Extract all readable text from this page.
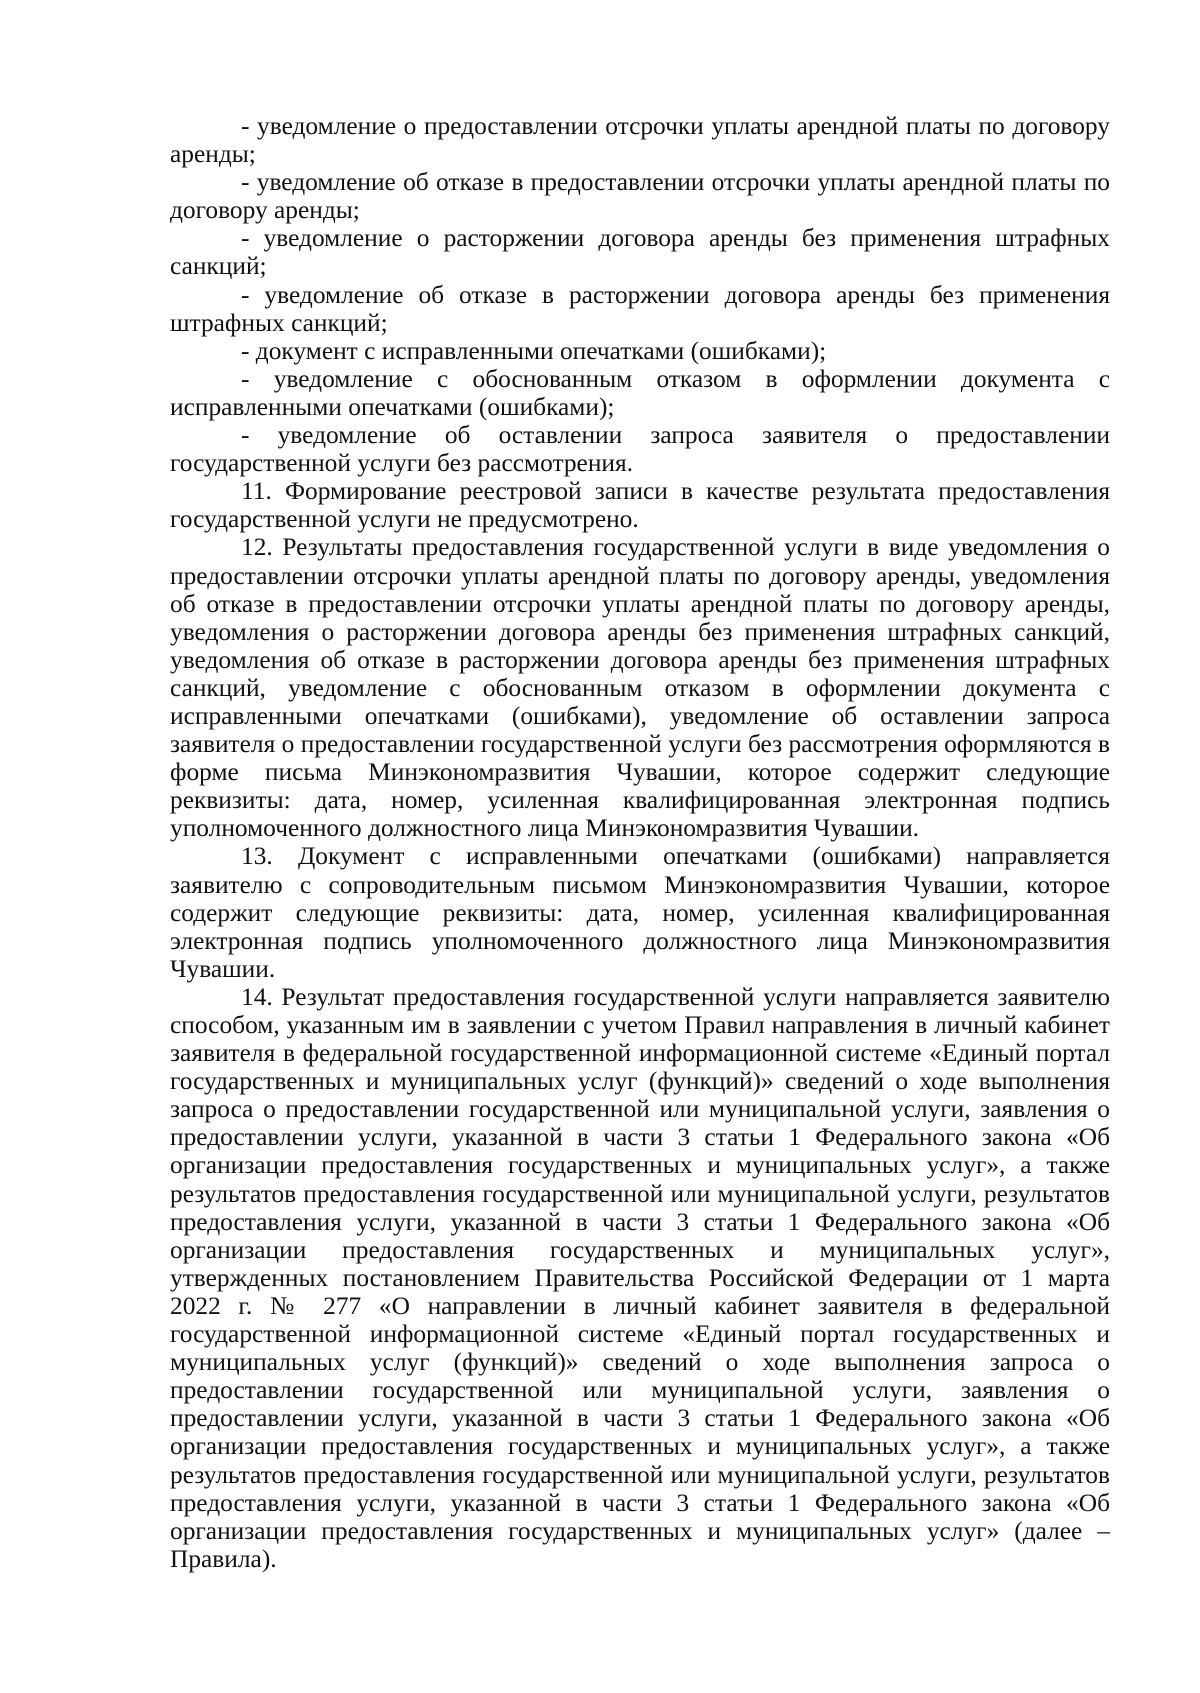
- уведомление о предоставлении отсрочки уплаты арендной платы по договору аренды;

- уведомление об отказе в предоставлении отсрочки уплаты арендной платы по договору аренды;

- уведомление о расторжении договора аренды без применения штрафных санкций;

- уведомление об отказе в расторжении договора аренды без применения штрафных санкций;

- документ с исправленными опечатками (ошибками);

- уведомление с обоснованным отказом в оформлении документа с исправленными опечатками (ошибками);

- уведомление об оставлении запроса заявителя о предоставлении государственной услуги без рассмотрения.

11. Формирование реестровой записи в качестве результата предоставления государственной услуги не предусмотрено.

12. Результаты предоставления государственной услуги в виде уведомления о предоставлении отсрочки уплаты арендной платы по договору аренды, уведомления об отказе в предоставлении отсрочки уплаты арендной платы по договору аренды, уведомления о расторжении договора аренды без применения штрафных санкций, уведомления об отказе в расторжении договора аренды без применения штрафных санкций, уведомление с обоснованным отказом в оформлении документа с исправленными опечатками (ошибками), уведомление об оставлении запроса заявителя о предоставлении государственной услуги без рассмотрения оформляются в форме письма Минэкономразвития Чувашии, которое содержит следующие реквизиты: дата, номер, усиленная квалифицированная электронная подпись уполномоченного должностного лица Минэкономразвития Чувашии.

13. Документ с исправленными опечатками (ошибками) направляется заявителю с сопроводительным письмом Минэкономразвития Чувашии, которое содержит следующие реквизиты: дата, номер, усиленная квалифицированная электронная подпись уполномоченного должностного лица Минэкономразвития Чувашии.

14. Результат предоставления государственной услуги направляется заявителю способом, указанным им в заявлении с учетом Правил направления в личный кабинет заявителя в федеральной государственной информационной системе «Единый портал государственных и муниципальных услуг (функций)» сведений о ходе выполнения запроса о предоставлении государственной или муниципальной услуги, заявления о предоставлении услуги, указанной в части 3 статьи 1 Федерального закона «Об организации предоставления государственных и муниципальных услуг», а также результатов предоставления государственной или муниципальной услуги, результатов предоставления услуги, указанной в части 3 статьи 1 Федерального закона «Об организации предоставления государственных и муниципальных услуг», утвержденных постановлением Правительства Российской Федерации от 1 марта 2022 г. № 277 «О направлении в личный кабинет заявителя в федеральной государственной информационной системе «Единый портал государственных и муниципальных услуг (функций)» сведений о ходе выполнения запроса о предоставлении государственной или муниципальной услуги, заявления о предоставлении услуги, указанной в части 3 статьи 1 Федерального закона «Об организации предоставления государственных и муниципальных услуг», а также результатов предоставления государственной или муниципальной услуги, результатов предоставления услуги, указанной в части 3 статьи 1 Федерального закона «Об организации предоставления государственных и муниципальных услуг» (далее – Правила).
